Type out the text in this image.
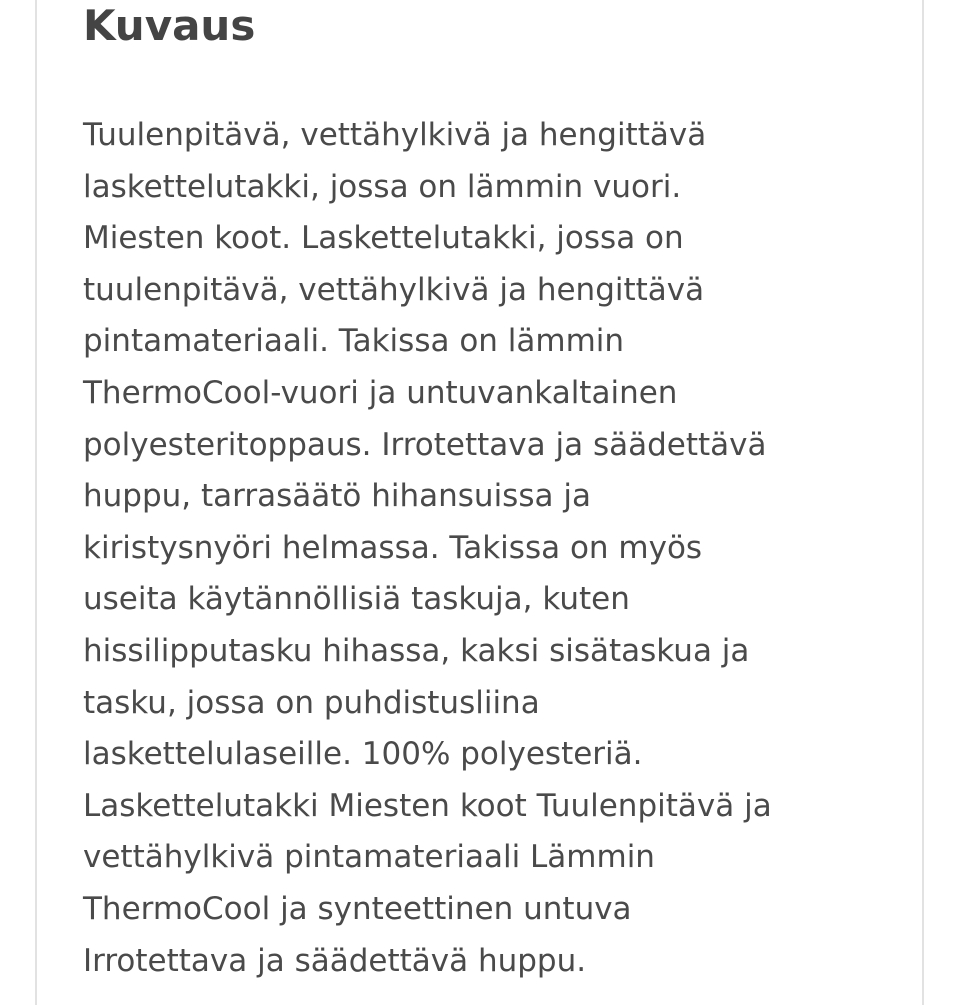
Kuvaus

Tuulenpitävä, vettähylkivä ja hengittävä
laskettelutakki, jossa on lämmin vuori.
Miesten koot. Laskettelutakki, jossa on
tuulenpitävä, vettähylkivä ja hengittävä
pintamateriaali. Takissa on lämmin
ThermoCool-vuori ja untuvankaltainen
polyesteritoppaus. Irrotettava ja säädettävä
huppu, tarrasäätö hihansuissa ja
kiristysnyöri helmassa. Takissa on myös
useita käytännöllisiä taskuja, kuten
hissilipputasku hihassa, kaksi sisätaskua ja
tasku, jossa on puhdistusliina
laskettelulaseille. 100% polyesteriä.
Laskettelutakki Miesten koot Tuulenpitävä ja
vettähylkivä pintamateriaali Lämmin
ThermoCool ja synteettinen untuva
Irrotettava ja säädettävä huppu.
